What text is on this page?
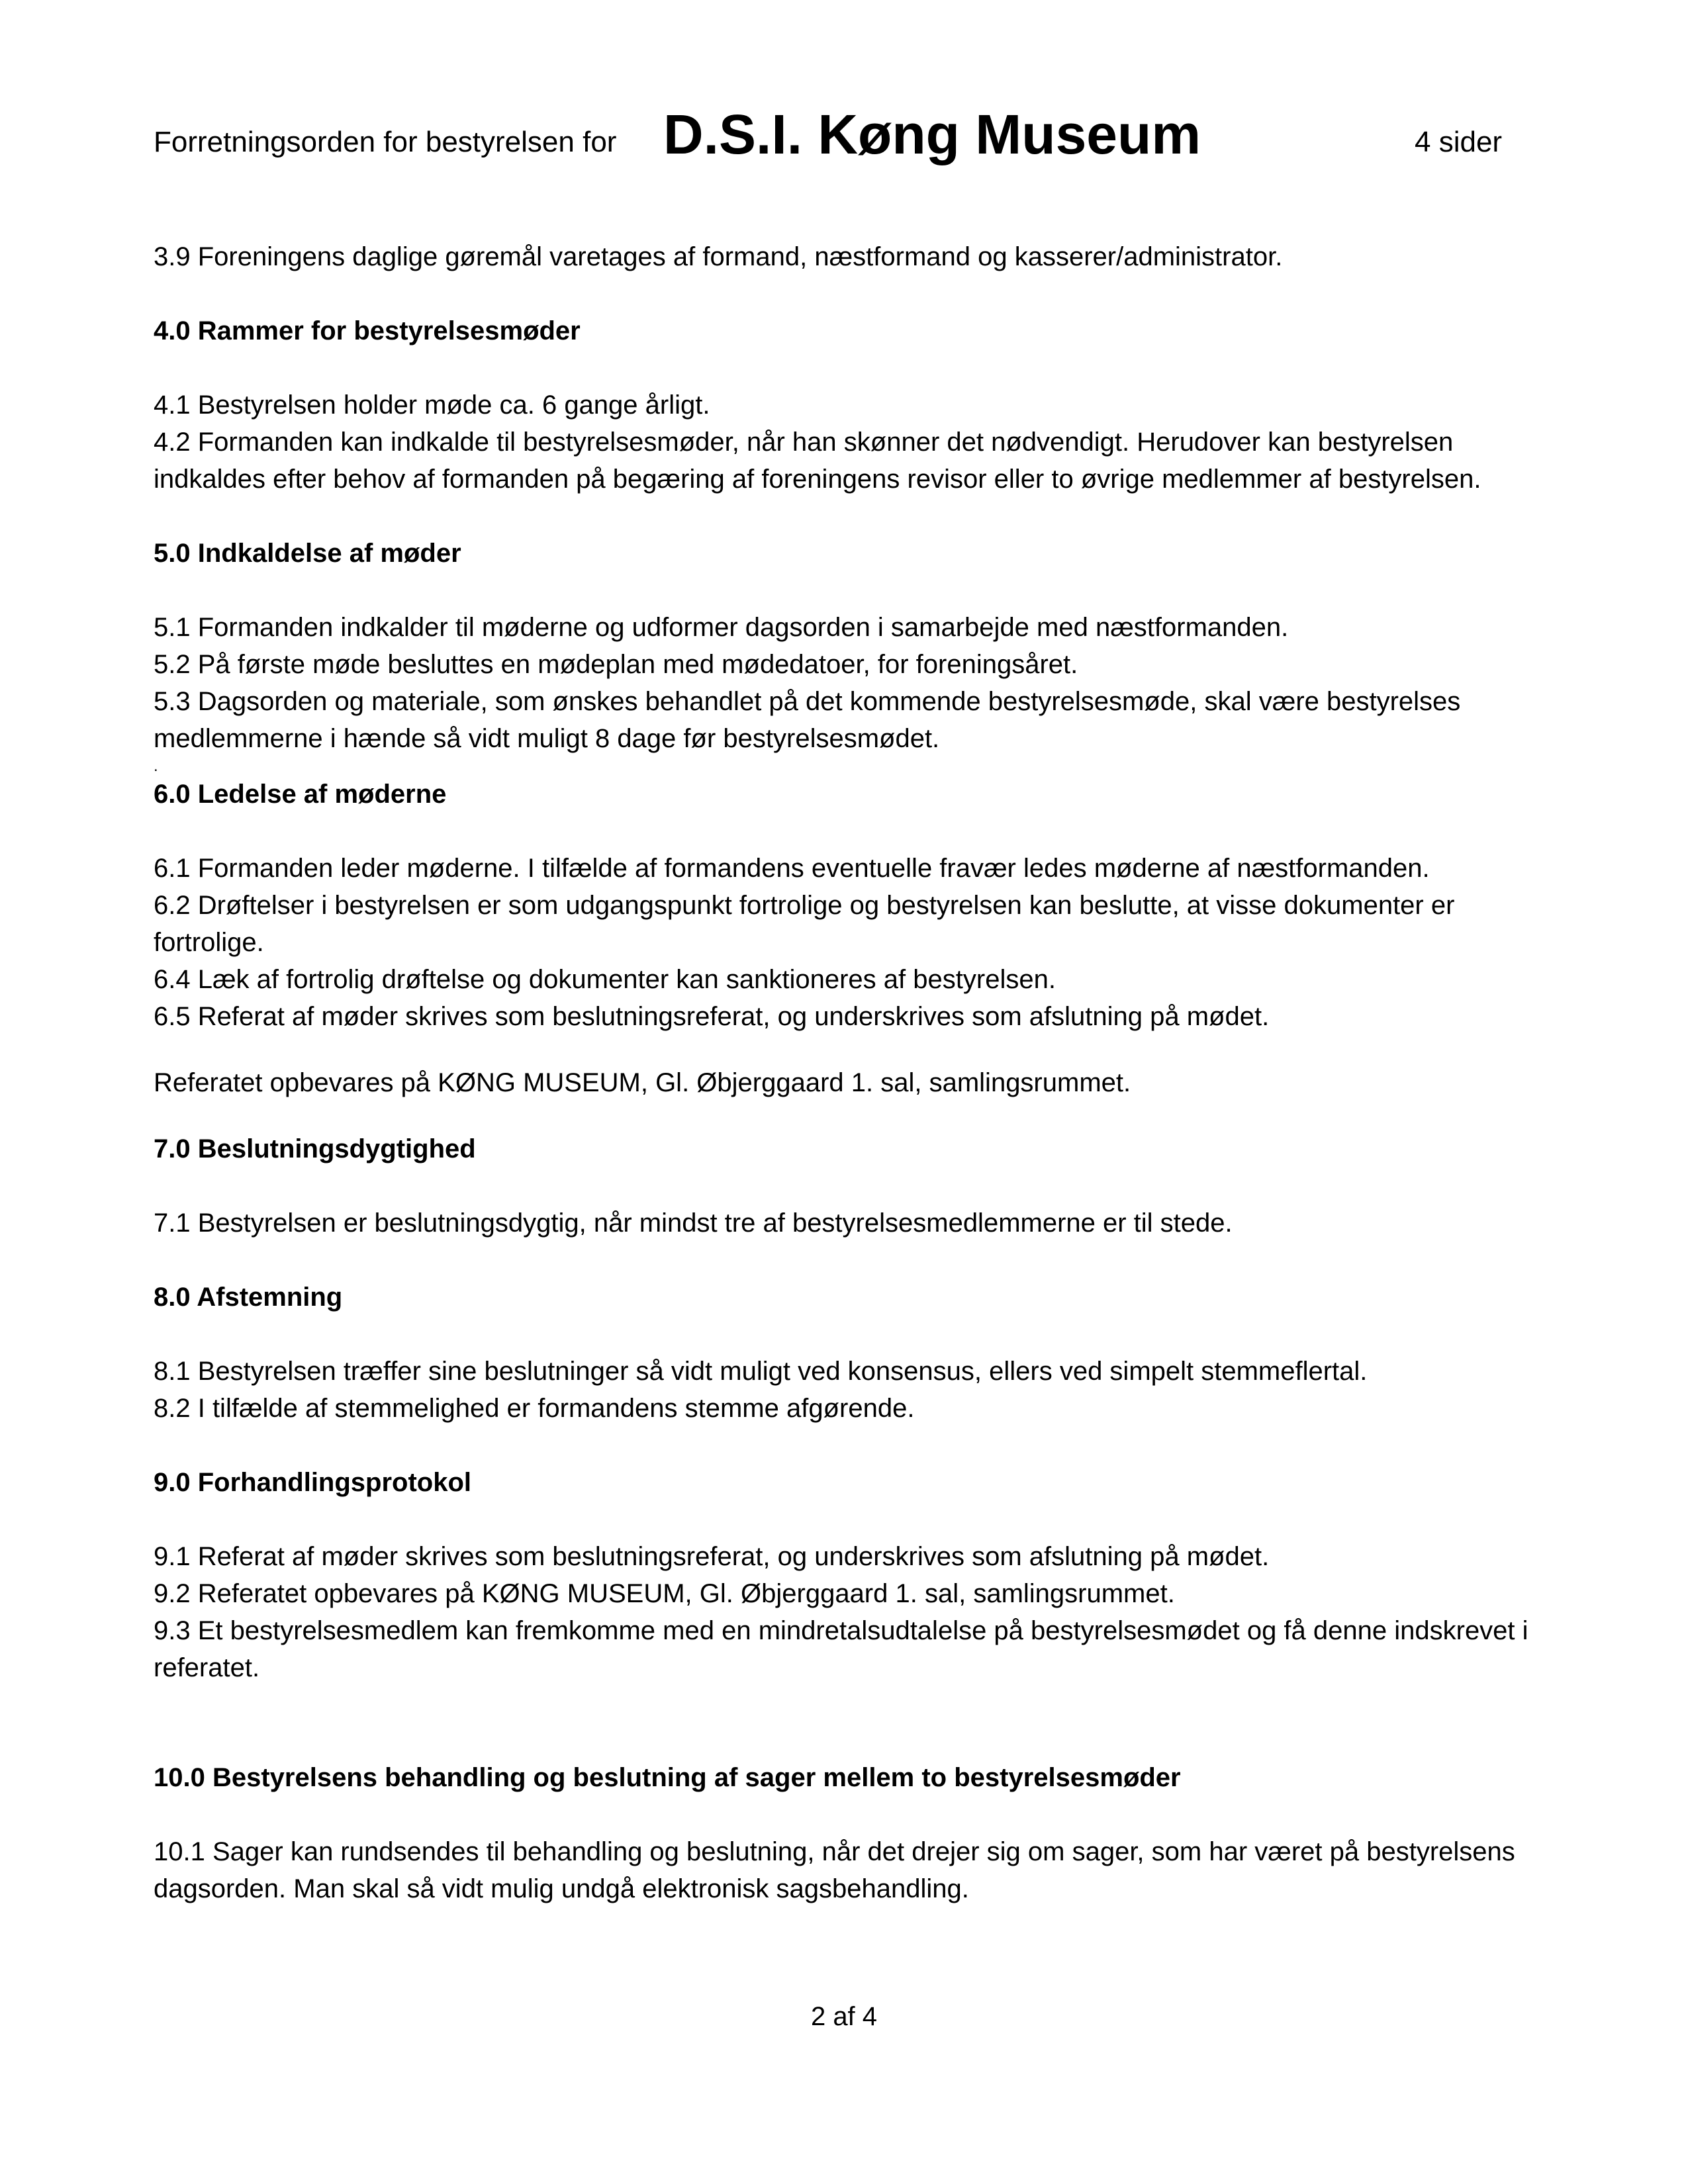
Forretningsorden for bestyrelsen for D.S.I. Køng Museum	4 sider

3.9 Foreningens daglige gøremål varetages af formand, næstformand og kasserer/administrator.

4.0 Rammer for bestyrelsesmøder

4.1 Bestyrelsen holder møde ca. 6 gange årligt.

4.2 Formanden kan indkalde til bestyrelsesmøder, når han skønner det nødvendigt. Herudover kan bestyrelsen indkaldes efter behov af formanden på begæring af foreningens revisor eller to øvrige medlemmer af bestyrelsen.

5.0 Indkaldelse af møder

5.1 Formanden indkalder til møderne og udformer dagsorden i samarbejde med næstformanden.

5.2 På første møde besluttes en mødeplan med mødedatoer, for foreningsåret.

5.3 Dagsorden og materiale, som ønskes behandlet på det kommende bestyrelsesmøde, skal være bestyrelses medlemmerne i hænde så vidt muligt 8 dage før bestyrelsesmødet.

.

6.0 Ledelse af møderne

6.1 Formanden leder møderne. I tilfælde af formandens eventuelle fravær ledes møderne af næstformanden.

6.2 Drøftelser i bestyrelsen er som udgangspunkt fortrolige og bestyrelsen kan beslutte, at visse dokumenter er fortrolige.

6.4 Læk af fortrolig drøftelse og dokumenter kan sanktioneres af bestyrelsen.

6.5 Referat af møder skrives som beslutningsreferat, og underskrives som afslutning på mødet.

Referatet opbevares på KØNG MUSEUM, Gl. Øbjerggaard 1. sal, samlingsrummet.

7.0 Beslutningsdygtighed

7.1 Bestyrelsen er beslutningsdygtig, når mindst tre af bestyrelsesmedlemmerne er til stede.

8.0 Afstemning

8.1 Bestyrelsen træffer sine beslutninger så vidt muligt ved konsensus, ellers ved simpelt stemmeflertal.

8.2 I tilfælde af stemmelighed er formandens stemme afgørende.

9.0 Forhandlingsprotokol

9.1 Referat af møder skrives som beslutningsreferat, og underskrives som afslutning på mødet.

9.2 Referatet opbevares på KØNG MUSEUM, Gl. Øbjerggaard 1. sal, samlingsrummet.

9.3 Et bestyrelsesmedlem kan fremkomme med en mindretalsudtalelse på bestyrelsesmødet og få denne indskrevet i referatet.

10.0 Bestyrelsens behandling og beslutning af sager mellem to bestyrelsesmøder

10.1 Sager kan rundsendes til behandling og beslutning, når det drejer sig om sager, som har været på bestyrelsens dagsorden. Man skal så vidt mulig undgå elektronisk sagsbehandling.

2 af 4
